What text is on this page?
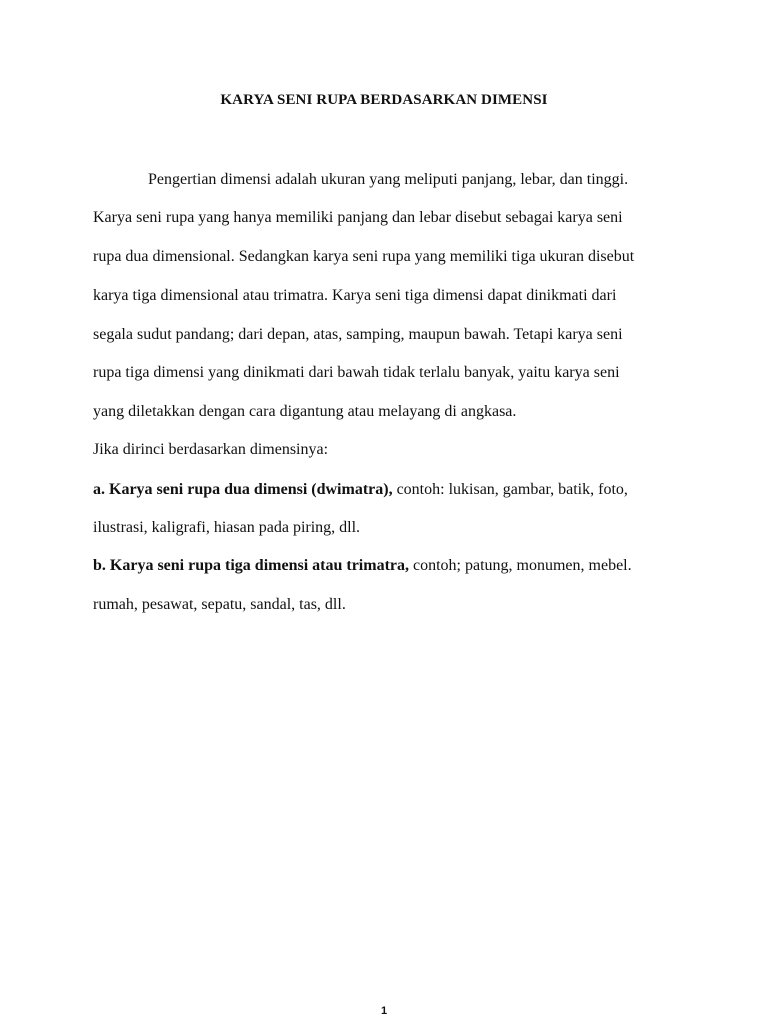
KARYA SENI RUPA BERDASARKAN DIMENSI

Pengertian dimensi adalah ukuran yang meliputi panjang, lebar, dan tinggi.

Karya seni rupa yang hanya memiliki panjang dan lebar disebut sebagai karya seni

rupa dua dimensional. Sedangkan karya seni rupa yang memiliki tiga ukuran disebut

karya tiga dimensional atau trimatra. Karya seni tiga dimensi dapat dinikmati dari

segala sudut pandang; dari depan, atas, samping, maupun bawah. Tetapi karya seni

rupa tiga dimensi yang dinikmati dari bawah tidak terlalu banyak, yaitu karya seni

yang diletakkan dengan cara digantung atau melayang di angkasa.

Jika dirinci berdasarkan dimensinya:

a. Karya seni rupa dua dimensi (dwimatra), contoh: lukisan, gambar, batik, foto,

ilustrasi, kaligrafi, hiasan pada piring, dll.

b. Karya seni rupa tiga dimensi atau trimatra, contoh; patung, monumen, mebel.

rumah, pesawat, sepatu, sandal, tas, dll.

1
